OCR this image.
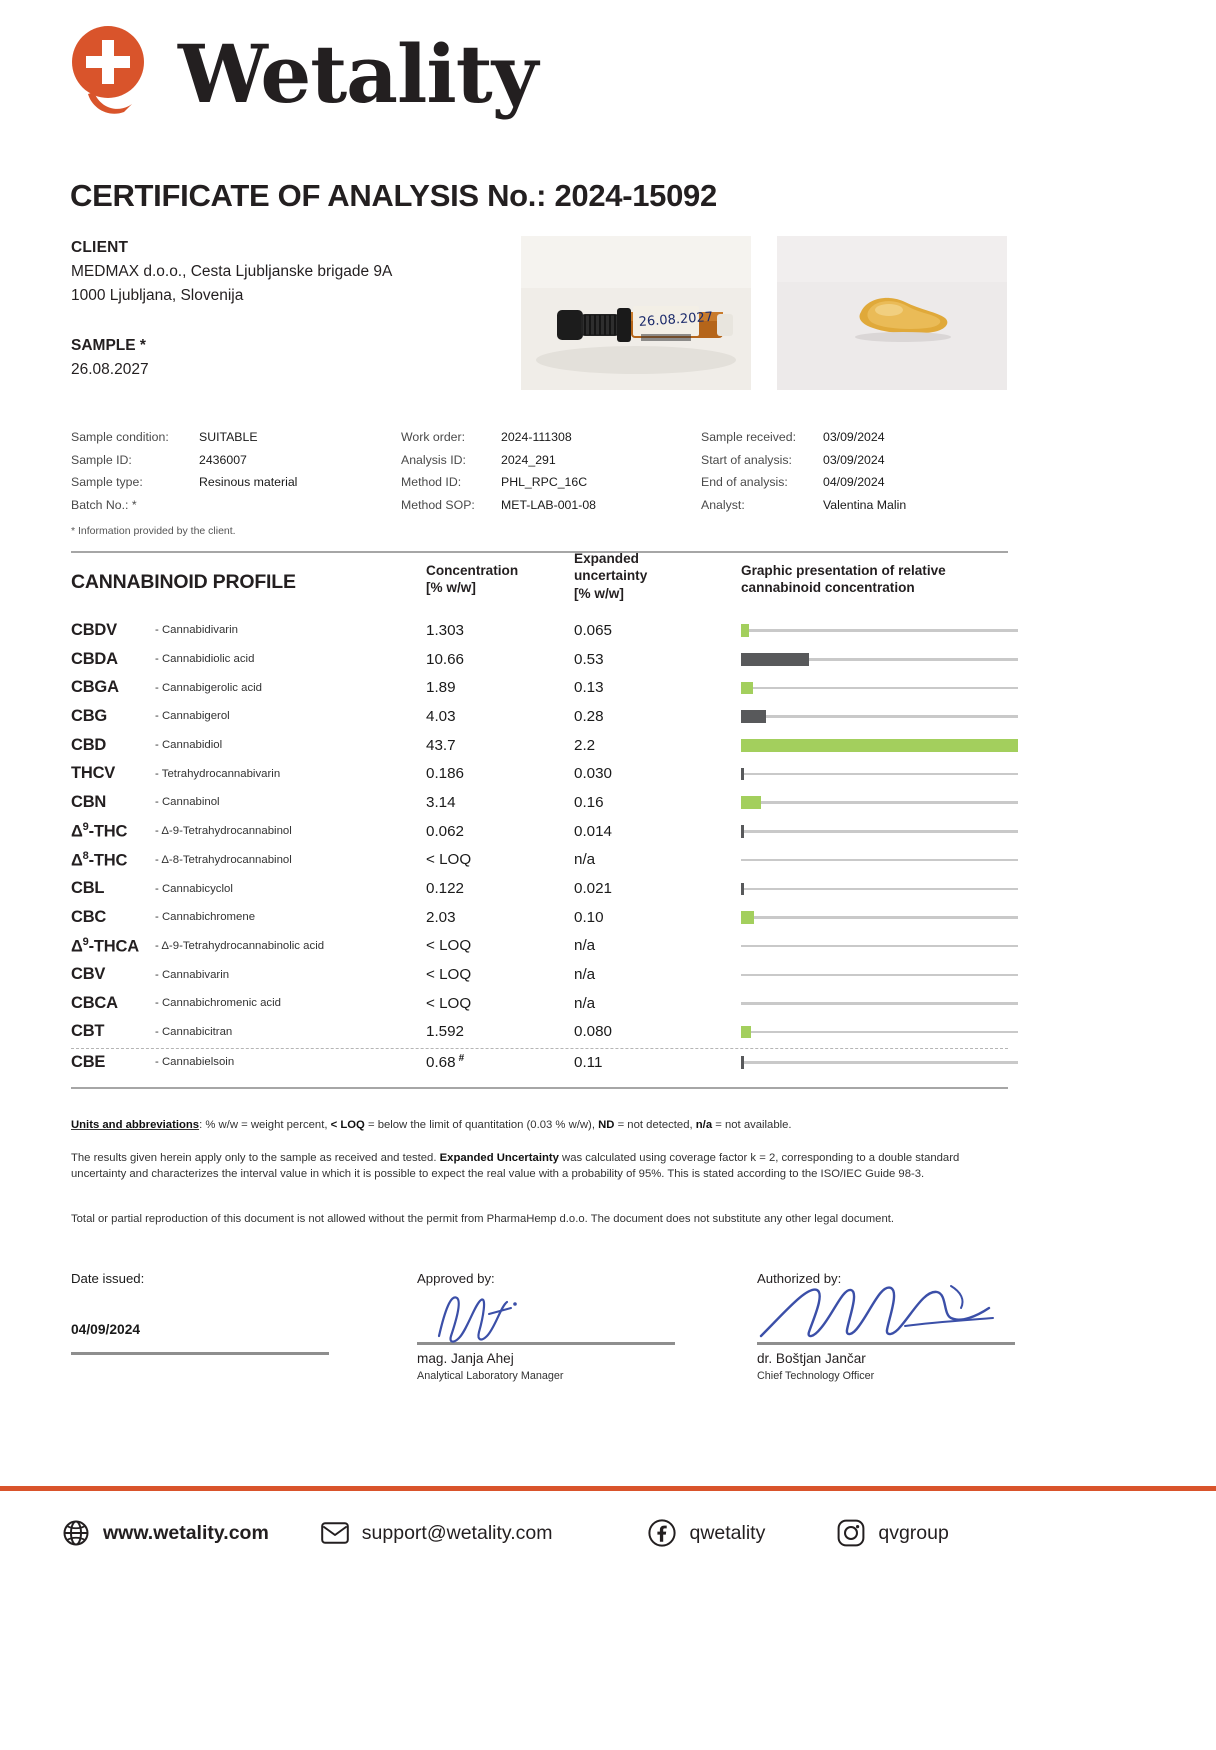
Wetality
CERTIFICATE OF ANALYSIS No.: 2024-15092
CLIENT
MEDMAX d.o.o., Cesta Ljubljanske brigade 9A
1000 Ljubljana, Slovenija
SAMPLE *
26.08.2027
26.08.2027
Sample condition:	SUITABLE
Sample ID:	2436007
Sample type:	Resinous material
Batch No.: *
Work order:	2024-111308
Analysis ID:	2024_291
Method ID:	PHL_RPC_16C
Method SOP:	MET-LAB-001-08
Sample received:	03/09/2024
Start of analysis:	03/09/2024
End of analysis:	04/09/2024
Analyst:	Valentina Malin
* Information provided by the client.
CANNABINOID PROFILE
Concentration
[% w/w]
Expanded
uncertainty
[% w/w]
Graphic presentation of relative
cannabinoid concentration
CBDV	- Cannabidivarin	1.303	0.065
CBDA	- Cannabidiolic acid	10.66	0.53
CBGA	- Cannabigerolic acid	1.89	0.13
CBG	- Cannabigerol	4.03	0.28
CBD	- Cannabidiol	43.7	2.2
THCV	- Tetrahydrocannabivarin	0.186	0.030
CBN	- Cannabinol	3.14	0.16
$\Delta^9$-THC	- Δ-9-Tetrahydrocannabinol	0.062	0.014
$\Delta^8$-THC	- Δ-8-Tetrahydrocannabinol	< LOQ	n/a
CBL	- Cannabicyclol	0.122	0.021
CBC	- Cannabichromene	2.03	0.10
$\Delta^9$-THCA	- Δ-9-Tetrahydrocannabinolic acid	< LOQ	n/a
CBV	- Cannabivarin	< LOQ	n/a
CBCA	- Cannabichromenic acid	< LOQ	n/a
CBT	- Cannabicitran	1.592	0.080
CBE	- Cannabielsoin	0.68 #	0.11
Units and abbreviations: % w/w = weight percent, < LOQ = below the limit of quantitation (0.03 % w/w), ND = not detected, n/a = not available.
The results given herein apply only to the sample as received and tested. Expanded Uncertainty was calculated using coverage factor k = 2, corresponding to a double standard uncertainty and characterizes the interval value in which it is possible to expect the real value with a probability of 95%. This is stated according to the ISO/IEC Guide 98-3.
Total or partial reproduction of this document is not allowed without the permit from PharmaHemp d.o.o. The document does not substitute any other legal document.
Date issued:
04/09/2024
Approved by:
mag. Janja Ahej
Analytical Laboratory Manager
Authorized by:
dr. Boštjan Jančar
Chief Technology Officer
www.wetality.com	support@wetality.com	qwetality	qvgroup
